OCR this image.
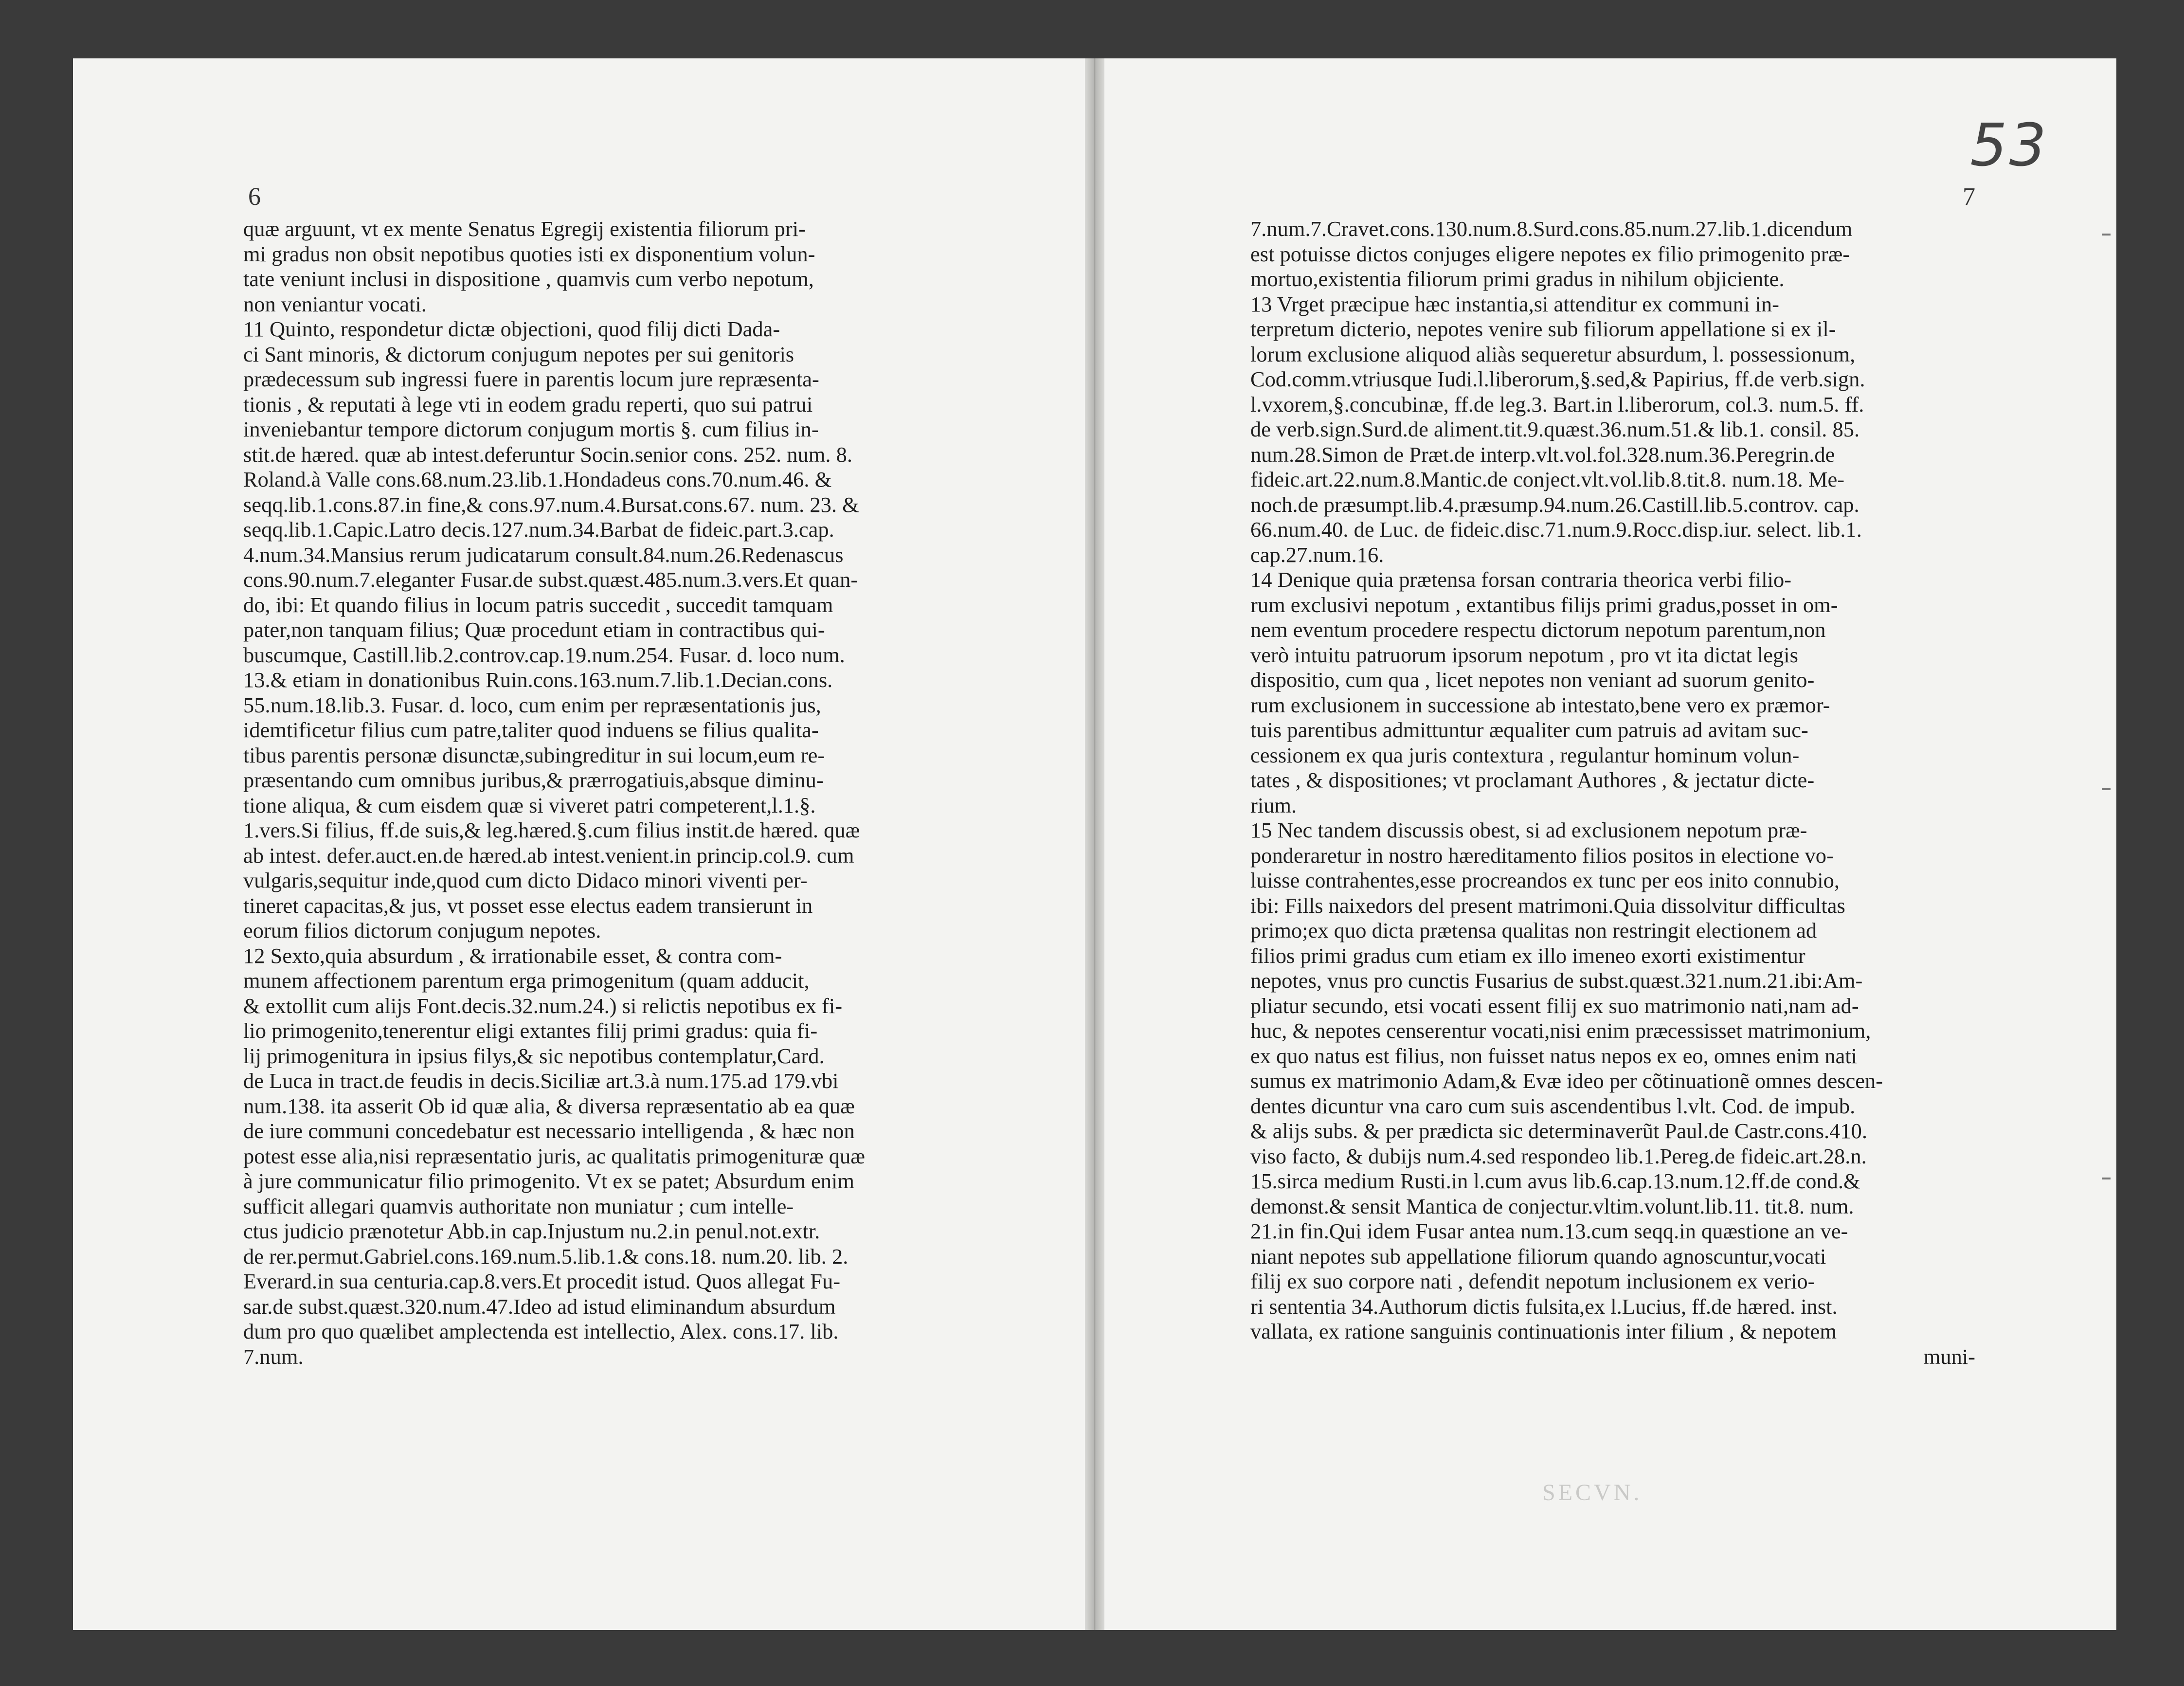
6
quæ arguunt, vt ex mente Senatus Egregij existentia filiorum pri-
mi gradus non obsit nepotibus quoties isti ex disponentium volun-
tate veniunt inclusi in dispositione , quamvis cum verbo nepotum,
non veniantur vocati.
11 Quinto, respondetur dictæ objectioni, quod filij dicti Dada-
ci Sant minoris, & dictorum conjugum nepotes per sui genitoris
prædecessum sub ingressi fuere in parentis locum jure repræsenta-
tionis , & reputati à lege vti in eodem gradu reperti, quo sui patrui
inveniebantur tempore dictorum conjugum mortis §. cum filius in-
stit.de hæred. quæ ab intest.deferuntur Socin.senior cons. 252. num. 8.
Roland.à Valle cons.68.num.23.lib.1.Hondadeus cons.70.num.46. &
seqq.lib.1.cons.87.in fine,& cons.97.num.4.Bursat.cons.67. num. 23. &
seqq.lib.1.Capic.Latro decis.127.num.34.Barbat de fideic.part.3.cap.
4.num.34.Mansius rerum judicatarum consult.84.num.26.Redenascus
cons.90.num.7.eleganter Fusar.de subst.quæst.485.num.3.vers.Et quan-
do, ibi: Et quando filius in locum patris succedit , succedit tamquam
pater,non tanquam filius; Quæ procedunt etiam in contractibus qui-
buscumque, Castill.lib.2.controv.cap.19.num.254. Fusar. d. loco num.
13.& etiam in donationibus Ruin.cons.163.num.7.lib.1.Decian.cons.
55.num.18.lib.3. Fusar. d. loco, cum enim per repræsentationis jus,
idemtificetur filius cum patre,taliter quod induens se filius qualita-
tibus parentis personæ disunctæ,subingreditur in sui locum,eum re-
præsentando cum omnibus juribus,& prærrogatiuis,absque diminu-
tione aliqua, & cum eisdem quæ si viveret patri competerent,l.1.§.
1.vers.Si filius, ff.de suis,& leg.hæred.§.cum filius instit.de hæred. quæ
ab intest. defer.auct.en.de hæred.ab intest.venient.in princip.col.9. cum
vulgaris,sequitur inde,quod cum dicto Didaco minori viventi per-
tineret capacitas,& jus, vt posset esse electus eadem transierunt in
eorum filios dictorum conjugum nepotes.
12 Sexto,quia absurdum , & irrationabile esset, & contra com-
munem affectionem parentum erga primogenitum (quam adducit,
& extollit cum alijs Font.decis.32.num.24.) si relictis nepotibus ex fi-
lio primogenito,tenerentur eligi extantes filij primi gradus: quia fi-
lij primogenitura in ipsius filys,& sic nepotibus contemplatur,Card.
de Luca in tract.de feudis in decis.Siciliæ art.3.à num.175.ad 179.vbi
num.138. ita asserit Ob id quæ alia, & diversa repræsentatio ab ea quæ
de iure communi concedebatur est necessario intelligenda , & hæc non
potest esse alia,nisi repræsentatio juris, ac qualitatis primogenituræ quæ
à jure communicatur filio primogenito. Vt ex se patet; Absurdum enim
sufficit allegari quamvis authoritate non muniatur ; cum intelle-
ctus judicio prænotetur Abb.in cap.Injustum nu.2.in penul.not.extr.
de rer.permut.Gabriel.cons.169.num.5.lib.1.& cons.18. num.20. lib. 2.
Everard.in sua centuria.cap.8.vers.Et procedit istud. Quos allegat Fu-
sar.de subst.quæst.320.num.47.Ideo ad istud eliminandum absurdum
dum pro quo quælibet amplectenda est intellectio, Alex. cons.17. lib.
7.num.
53
7
7.num.7.Cravet.cons.130.num.8.Surd.cons.85.num.27.lib.1.dicendum
est potuisse dictos conjuges eligere nepotes ex filio primogenito præ-
mortuo,existentia filiorum primi gradus in nihilum objiciente.
13 Vrget præcipue hæc instantia,si attenditur ex communi in-
terpretum dicterio, nepotes venire sub filiorum appellatione si ex il-
lorum exclusione aliquod aliàs sequeretur absurdum, l. possessionum,
Cod.comm.vtriusque Iudi.l.liberorum,§.sed,& Papirius, ff.de verb.sign.
l.vxorem,§.concubinæ, ff.de leg.3. Bart.in l.liberorum, col.3. num.5. ff.
de verb.sign.Surd.de aliment.tit.9.quæst.36.num.51.& lib.1. consil. 85.
num.28.Simon de Præt.de interp.vlt.vol.fol.328.num.36.Peregrin.de
fideic.art.22.num.8.Mantic.de conject.vlt.vol.lib.8.tit.8. num.18. Me-
noch.de præsumpt.lib.4.præsump.94.num.26.Castill.lib.5.controv. cap.
66.num.40. de Luc. de fideic.disc.71.num.9.Rocc.disp.iur. select. lib.1.
cap.27.num.16.
14 Denique quia prætensa forsan contraria theorica verbi filio-
rum exclusivi nepotum , extantibus filijs primi gradus,posset in om-
nem eventum procedere respectu dictorum nepotum parentum,non
verò intuitu patruorum ipsorum nepotum , pro vt ita dictat legis
dispositio, cum qua , licet nepotes non veniant ad suorum genito-
rum exclusionem in successione ab intestato,bene vero ex præmor-
tuis parentibus admittuntur æqualiter cum patruis ad avitam suc-
cessionem ex qua juris contextura , regulantur hominum volun-
tates , & dispositiones; vt proclamant Authores , & jectatur dicte-
rium.
15 Nec tandem discussis obest, si ad exclusionem nepotum præ-
ponderaretur in nostro hæreditamento filios positos in electione vo-
luisse contrahentes,esse procreandos ex tunc per eos inito connubio,
ibi: Fills naixedors del present matrimoni.Quia dissolvitur difficultas
primo;ex quo dicta prætensa qualitas non restringit electionem ad
filios primi gradus cum etiam ex illo imeneo exorti existimentur
nepotes, vnus pro cunctis Fusarius de subst.quæst.321.num.21.ibi:Am-
pliatur secundo, etsi vocati essent filij ex suo matrimonio nati,nam ad-
huc, & nepotes censerentur vocati,nisi enim præcessisset matrimonium,
ex quo natus est filius, non fuisset natus nepos ex eo, omnes enim nati
sumus ex matrimonio Adam,& Evæ ideo per cõtinuationẽ omnes descen-
dentes dicuntur vna caro cum suis ascendentibus l.vlt. Cod. de impub.
& alijs subs. & per prædicta sic determinaverũt Paul.de Castr.cons.410.
viso facto, & dubijs num.4.sed respondeo lib.1.Pereg.de fideic.art.28.n.
15.sirca medium Rusti.in l.cum avus lib.6.cap.13.num.12.ff.de cond.&
demonst.& sensit Mantica de conjectur.vltim.volunt.lib.11. tit.8. num.
21.in fin.Qui idem Fusar antea num.13.cum seqq.in quæstione an ve-
niant nepotes sub appellatione filiorum quando agnoscuntur,vocati
filij ex suo corpore nati , defendit nepotum inclusionem ex verio-
ri sententia 34.Authorum dictis fulsita,ex l.Lucius, ff.de hæred. inst.
vallata, ex ratione sanguinis continuationis inter filium , & nepotem
muni-
SECVN.
